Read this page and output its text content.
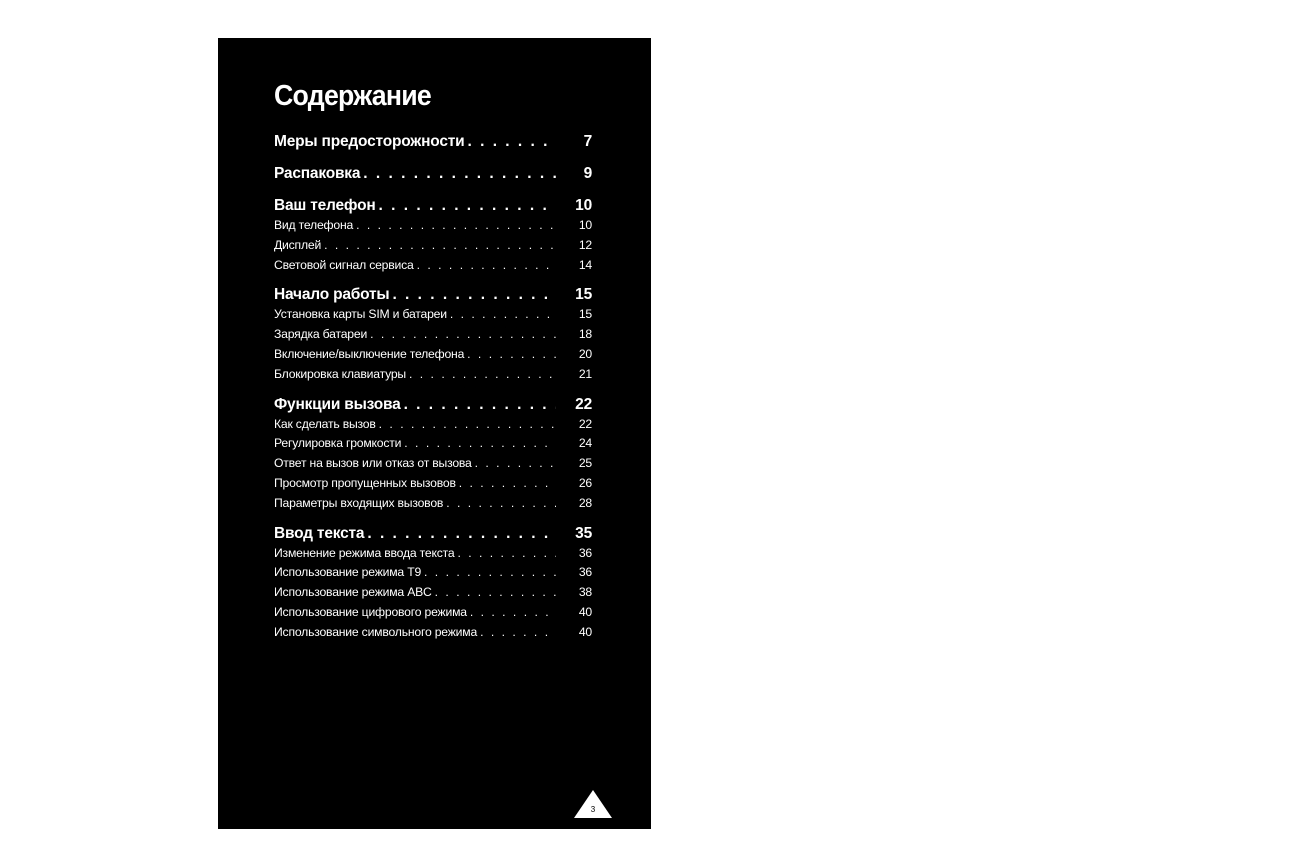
Содержание
Меры предосторожности . . .	7
Распаковка . . .	9
Ваш телефон . . .	10
Вид телефона . . .	10
Дисплей . . .	12
Световой сигнал сервиса . . .	14
Начало работы . . .	15
Установка карты SIM и батареи . . .	15
Зарядка батареи . . .	18
Включение/выключение телефона . . .	20
Блокировка клавиатуры . . .	21
Функции вызова . . .	22
Как сделать вызов . . .	22
Регулировка громкости . . .	24
Ответ на вызов или отказ от вызова . . .	25
Просмотр пропущенных вызовов . . .	26
Параметры входящих вызовов . . .	28
Ввод текста . . .	35
Изменение режима ввода текста . . .	36
Использование режима T9 . . .	36
Использование режима ABC . . .	38
Использование цифрового режима . . .	40
Использование символьного режима . . .	40
3
